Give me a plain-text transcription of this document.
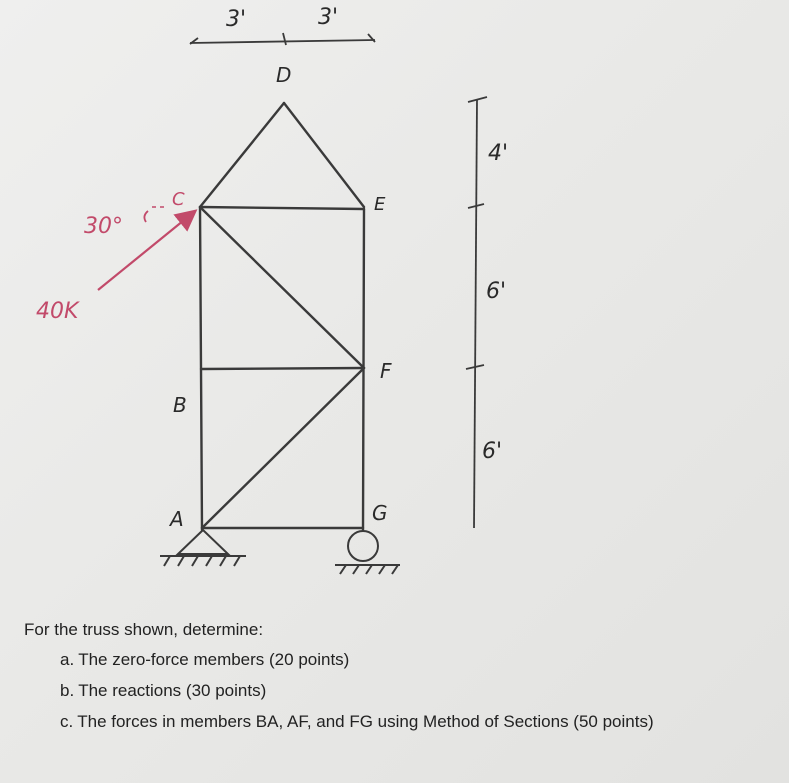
3'	3'
4'
6'
6'
D
C	E
F
B
A	G
30°
40K

For the truss shown, determine:

a. The zero-force members (20 points)
b. The reactions (30 points)
c. The forces in members BA, AF, and FG using Method of Sections (50 points)
